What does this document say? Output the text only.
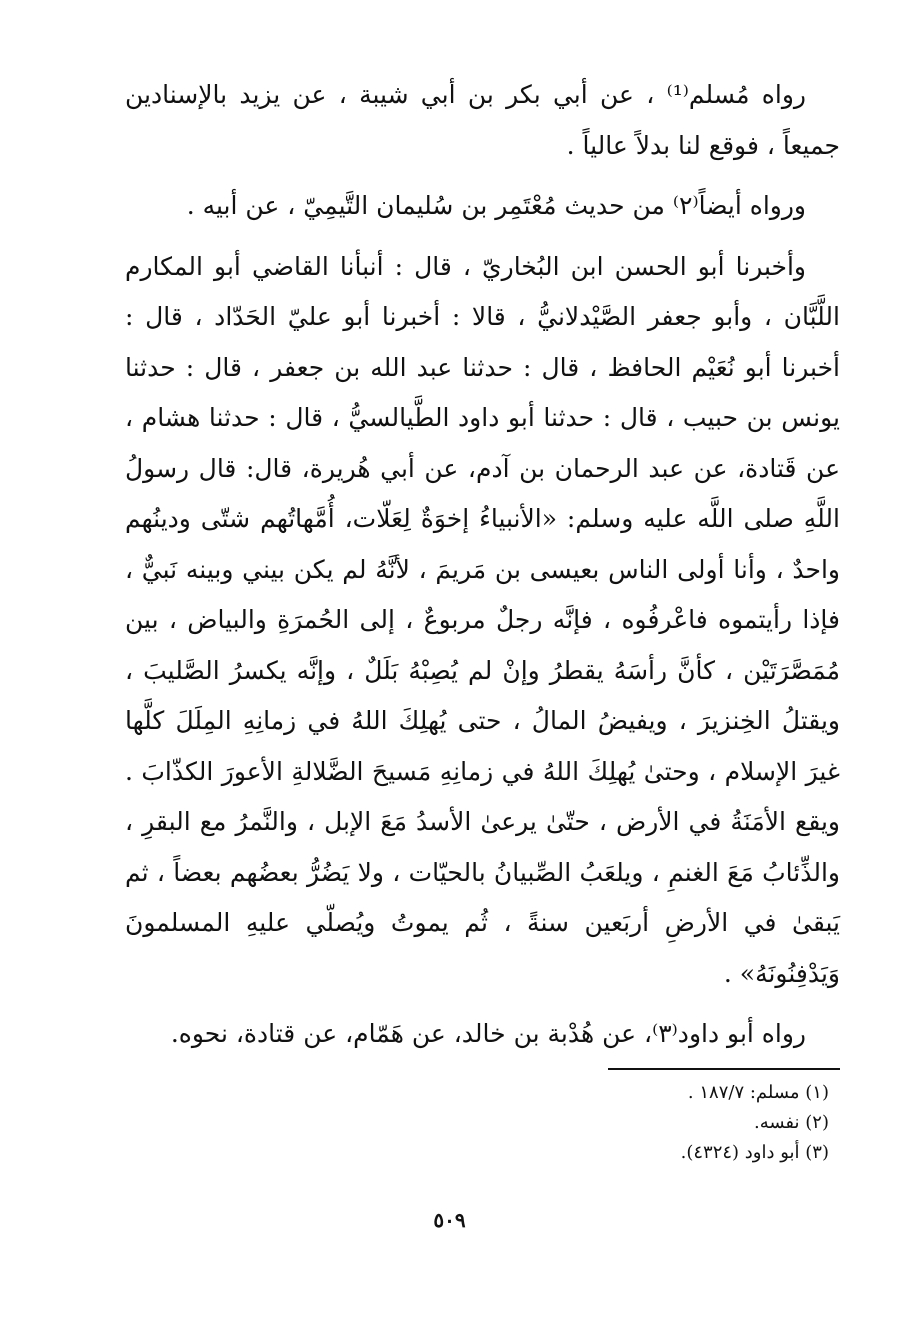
رواه مُسلم⁽¹⁾ ، عن أبي بكر بن أبي شيبة ، عن يزيد بالإسنادين جميعاً ، فوقع لنا بدلاً عالياً .

ورواه أيضاً⁽٢⁾ من حديث مُعْتَمِر بن سُليمان التَّيمِيّ ، عن أبيه .

وأخبرنا أبو الحسن ابن البُخاريّ ، قال : أنبأنا القاضي أبو المكارم اللَّبَّان ، وأبو جعفر الصَّيْدلانيُّ ، قالا : أخبرنا أبو عليّ الحَدّاد ، قال : أخبرنا أبو نُعَيْم الحافظ ، قال : حدثنا عبد الله بن جعفر ، قال : حدثنا يونس بن حبيب ، قال : حدثنا أبو داود الطَّيالسيُّ ، قال : حدثنا هشام ، عن قَتادة، عن عبد الرحمان بن آدم، عن أبي هُريرة، قال: قال رسولُ اللَّهِ صلى اللَّه عليه وسلم: «الأنبياءُ إخوَةٌ لِعَلّات، أُمَّهاتُهم شتّى ودينُهم واحدٌ ، وأنا أولى الناس بعيسى بن مَريمَ ، لأنَّهُ لم يكن بيني وبينه نَبيٌّ ، فإذا رأيتموه فاعْرفُوه ، فإنَّه رجلٌ مربوعٌ ، إلى الحُمرَةِ والبياض ، بين مُمَصَّرَتَيْن ، كأنَّ رأسَهُ يقطرُ وإنْ لم يُصِبْهُ بَلَلٌ ، وإنَّه يكسرُ الصَّليبَ ، ويقتلُ الخِنزيرَ ، ويفيضُ المالُ ، حتى يُهلِكَ اللهُ في زمانِهِ المِلَلَ كلَّها غيرَ الإسلام ، وحتىٰ يُهلِكَ اللهُ في زمانِهِ مَسيحَ الضَّلالةِ الأعورَ الكذّابَ . ويقع الأمَنَةُ في الأرض ، حتّىٰ يرعىٰ الأسدُ مَعَ الإبل ، والنَّمرُ مع البقرِ ، والذِّئابُ مَعَ الغنمِ ، ويلعَبُ الصِّبيانُ بالحيّات ، ولا يَضُرُّ بعضُهم بعضاً ، ثم يَبقىٰ في الأرضِ أربَعين سنةً ، ثُم يموتُ ويُصلّي عليهِ المسلمونَ وَيَدْفِنُونَهُ» .

رواه أبو داود⁽٣⁾، عن هُدْبة بن خالد، عن هَمّام، عن قتادة، نحوه.

(١) مسلم: ١٨٧/٧ .

(٢) نفسه.

(٣) أبو داود (٤٣٢٤).

٥٠٩
